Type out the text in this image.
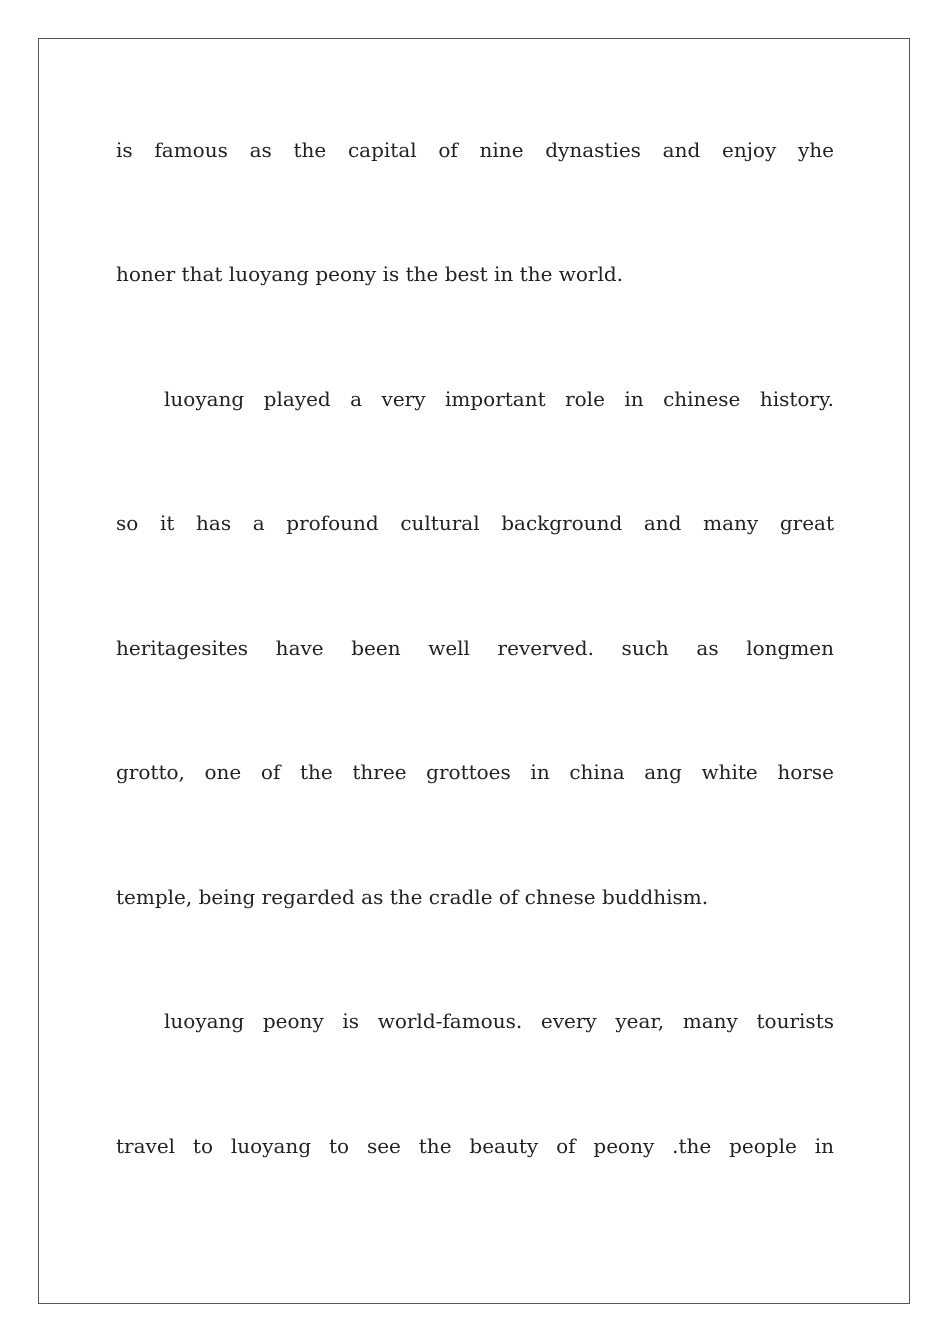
is famous as the capital of nine dynasties and enjoy yhe
honer that luoyang peony is the best in the world.
luoyang played a very important role in chinese history.
so it has a profound cultural background and many great
heritagesites have been well reverved. such as longmen
grotto, one of the three grottoes in china ang white horse
temple, being regarded as the cradle of chnese buddhism.
luoyang peony is world-famous. every year, many tourists
travel to luoyang to see the beauty of peony .the people in
